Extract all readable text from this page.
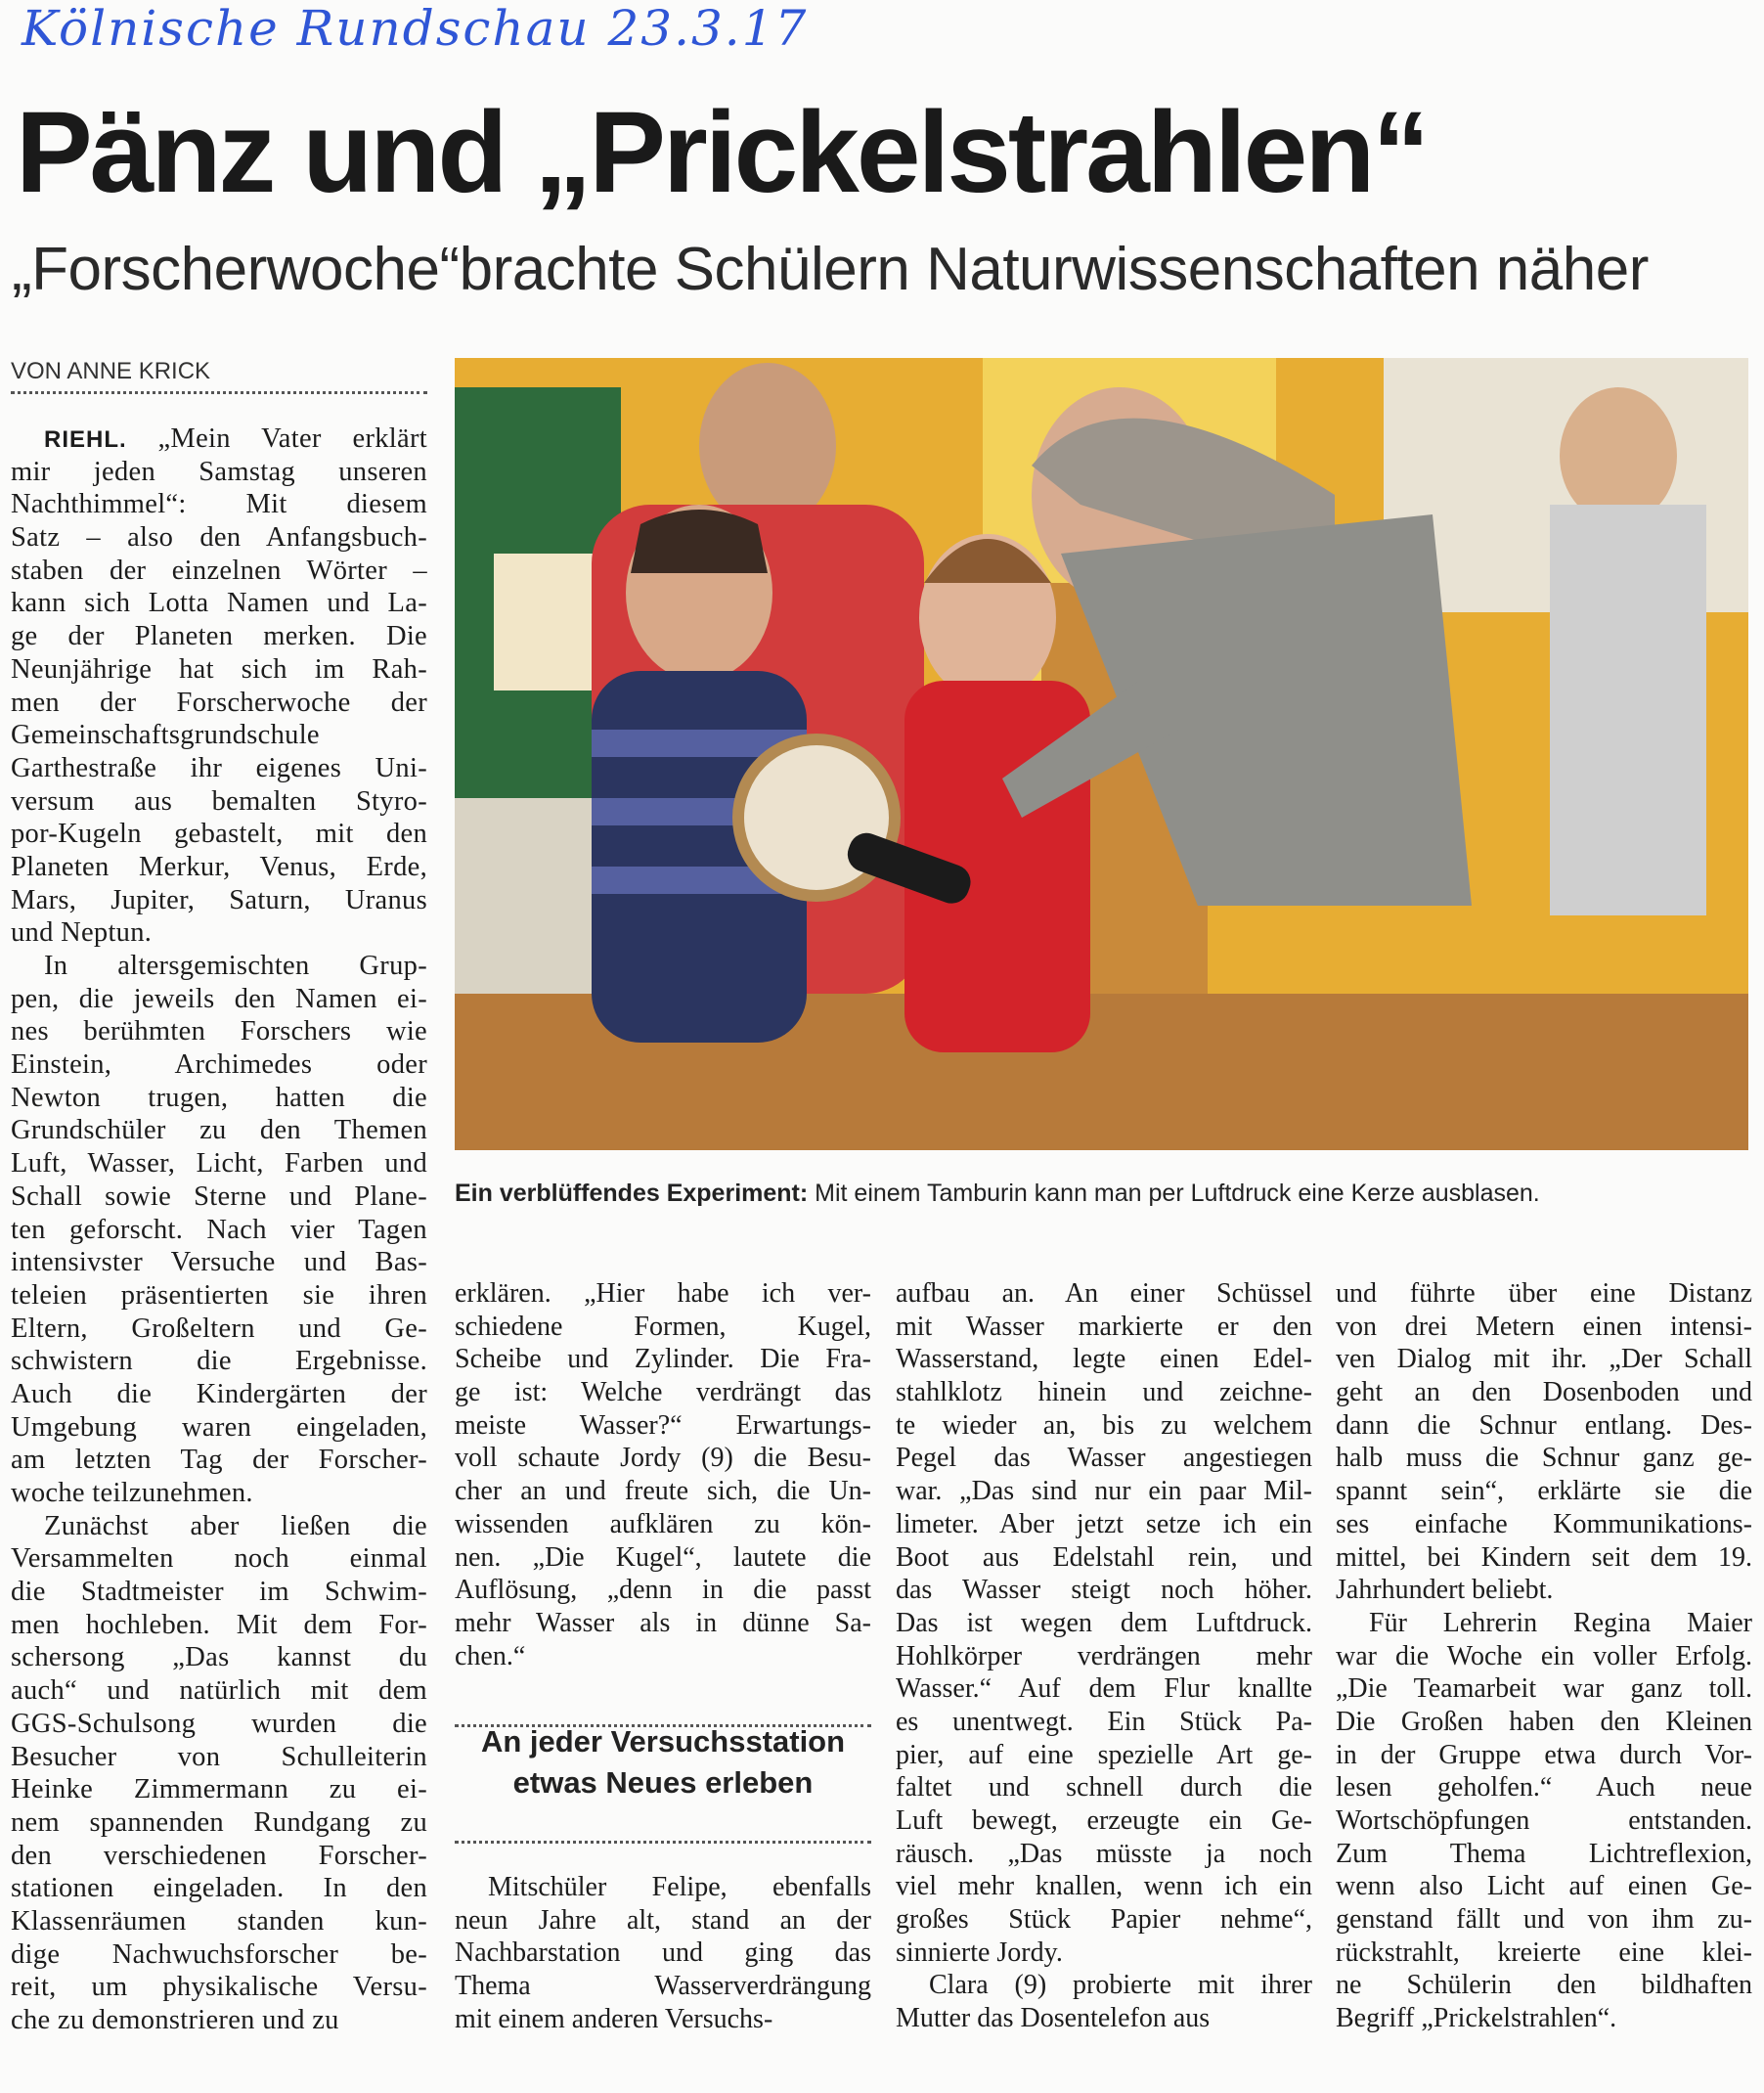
Kölnische Rundschau 23.3.17
Pänz und „Prickelstrahlen“
„Forscherwoche“brachte Schülern Naturwissenschaften näher
VON ANNE KRICK
Ein verblüffendes Experiment: Mit einem Tamburin kann man per Luftdruck eine Kerze ausblasen.
RIEHL. „Mein Vater erklärt
mir jeden Samstag unseren
Nachthimmel“: Mit diesem
Satz – also den Anfangsbuch-
staben der einzelnen Wörter –
kann sich Lotta Namen und La-
ge der Planeten merken. Die
Neunjährige hat sich im Rah-
men der Forscherwoche der
Gemeinschaftsgrundschule
Garthestraße ihr eigenes Uni-
versum aus bemalten Styro-
por-Kugeln gebastelt, mit den
Planeten Merkur, Venus, Erde,
Mars, Jupiter, Saturn, Uranus
und Neptun.
In altersgemischten Grup-
pen, die jeweils den Namen ei-
nes berühmten Forschers wie
Einstein, Archimedes oder
Newton trugen, hatten die
Grundschüler zu den Themen
Luft, Wasser, Licht, Farben und
Schall sowie Sterne und Plane-
ten geforscht. Nach vier Tagen
intensivster Versuche und Bas-
teleien präsentierten sie ihren
Eltern, Großeltern und Ge-
schwistern die Ergebnisse.
Auch die Kindergärten der
Umgebung waren eingeladen,
am letzten Tag der Forscher-
woche teilzunehmen.
Zunächst aber ließen die
Versammelten noch einmal
die Stadtmeister im Schwim-
men hochleben. Mit dem For-
schersong „Das kannst du
auch“ und natürlich mit dem
GGS-Schulsong wurden die
Besucher von Schulleiterin
Heinke Zimmermann zu ei-
nem spannenden Rundgang zu
den verschiedenen Forscher-
stationen eingeladen. In den
Klassenräumen standen kun-
dige Nachwuchsforscher be-
reit, um physikalische Versu-
che zu demonstrieren und zu
erklären. „Hier habe ich ver-
schiedene Formen, Kugel,
Scheibe und Zylinder. Die Fra-
ge ist: Welche verdrängt das
meiste Wasser?“ Erwartungs-
voll schaute Jordy (9) die Besu-
cher an und freute sich, die Un-
wissenden aufklären zu kön-
nen. „Die Kugel“, lautete die
Auflösung, „denn in die passt
mehr Wasser als in dünne Sa-
chen.“
An jeder Versuchsstation
etwas Neues erleben
Mitschüler Felipe, ebenfalls
neun Jahre alt, stand an der
Nachbarstation und ging das
Thema Wasserverdrängung
mit einem anderen Versuchs-
aufbau an. An einer Schüssel
mit Wasser markierte er den
Wasserstand, legte einen Edel-
stahlklotz hinein und zeichne-
te wieder an, bis zu welchem
Pegel das Wasser angestiegen
war. „Das sind nur ein paar Mil-
limeter. Aber jetzt setze ich ein
Boot aus Edelstahl rein, und
das Wasser steigt noch höher.
Das ist wegen dem Luftdruck.
Hohlkörper verdrängen mehr
Wasser.“ Auf dem Flur knallte
es unentwegt. Ein Stück Pa-
pier, auf eine spezielle Art ge-
faltet und schnell durch die
Luft bewegt, erzeugte ein Ge-
räusch. „Das müsste ja noch
viel mehr knallen, wenn ich ein
großes Stück Papier nehme“,
sinnierte Jordy.
Clara (9) probierte mit ihrer
Mutter das Dosentelefon aus
und führte über eine Distanz
von drei Metern einen intensi-
ven Dialog mit ihr. „Der Schall
geht an den Dosenboden und
dann die Schnur entlang. Des-
halb muss die Schnur ganz ge-
spannt sein“, erklärte sie die
ses einfache Kommunikations-
mittel, bei Kindern seit dem 19.
Jahrhundert beliebt.
Für Lehrerin Regina Maier
war die Woche ein voller Erfolg.
„Die Teamarbeit war ganz toll.
Die Großen haben den Kleinen
in der Gruppe etwa durch Vor-
lesen geholfen.“ Auch neue
Wortschöpfungen entstanden.
Zum Thema Lichtreflexion,
wenn also Licht auf einen Ge-
genstand fällt und von ihm zu-
rückstrahlt, kreierte eine klei-
ne Schülerin den bildhaften
Begriff „Prickelstrahlen“.
